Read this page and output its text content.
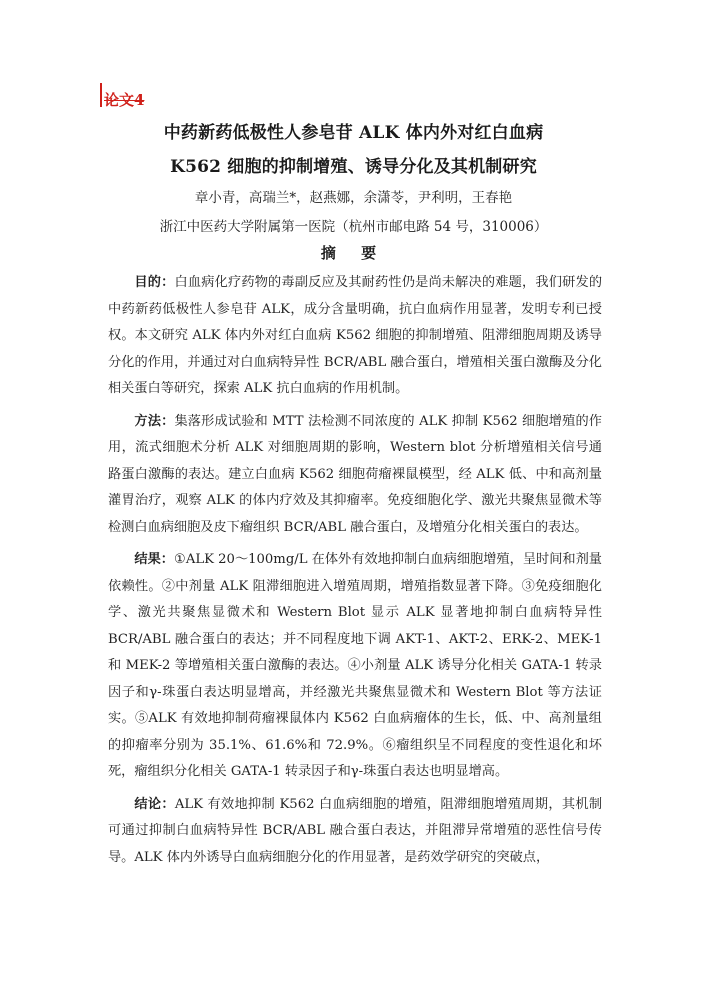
论文4
中药新药低极性人参皂苷 ALK 体内外对红白血病
K562 细胞的抑制增殖、诱导分化及其机制研究
章小青，高瑞兰*，赵燕娜，余潇苓，尹利明，王春艳
浙江中医药大学附属第一医院（杭州市邮电路 54 号，310006）
摘 要

目的：白血病化疗药物的毒副反应及其耐药性仍是尚未解决的难题，我们研发的中药新药低极性人参皂苷 ALK，成分含量明确，抗白血病作用显著，发明专利已授权。本文研究 ALK 体内外对红白血病 K562 细胞的抑制增殖、阻滞细胞周期及诱导分化的作用，并通过对白血病特异性 BCR/ABL 融合蛋白，增殖相关蛋白激酶及分化相关蛋白等研究，探索 ALK 抗白血病的作用机制。

方法：集落形成试验和 MTT 法检测不同浓度的 ALK 抑制 K562 细胞增殖的作用，流式细胞术分析 ALK 对细胞周期的影响，Western blot 分析增殖相关信号通路蛋白激酶的表达。建立白血病 K562 细胞荷瘤裸鼠模型，经 ALK 低、中和高剂量灌胃治疗，观察 ALK 的体内疗效及其抑瘤率。免疫细胞化学、激光共聚焦显微术等检测白血病细胞及皮下瘤组织 BCR/ABL 融合蛋白，及增殖分化相关蛋白的表达。

结果：①ALK 20～100mg/L 在体外有效地抑制白血病细胞增殖，呈时间和剂量依赖性。②中剂量 ALK 阻滞细胞进入增殖周期，增殖指数显著下降。③免疫细胞化学、激光共聚焦显微术和 Western Blot 显示 ALK 显著地抑制白血病特异性 BCR/ABL 融合蛋白的表达；并不同程度地下调 AKT-1、AKT-2、ERK-2、MEK-1 和 MEK-2 等增殖相关蛋白激酶的表达。④小剂量 ALK 诱导分化相关 GATA-1 转录因子和γ-珠蛋白表达明显增高，并经激光共聚焦显微术和 Western Blot 等方法证实。⑤ALK 有效地抑制荷瘤裸鼠体内 K562 白血病瘤体的生长，低、中、高剂量组的抑瘤率分别为 35.1%、61.6%和 72.9%。⑥瘤组织呈不同程度的变性退化和坏死，瘤组织分化相关 GATA-1 转录因子和γ-珠蛋白表达也明显增高。

结论：ALK 有效地抑制 K562 白血病细胞的增殖，阻滞细胞增殖周期，其机制可通过抑制白血病特异性 BCR/ABL 融合蛋白表达，并阻滞异常增殖的恶性信号传导。ALK 体内外诱导白血病细胞分化的作用显著，是药效学研究的突破点，
